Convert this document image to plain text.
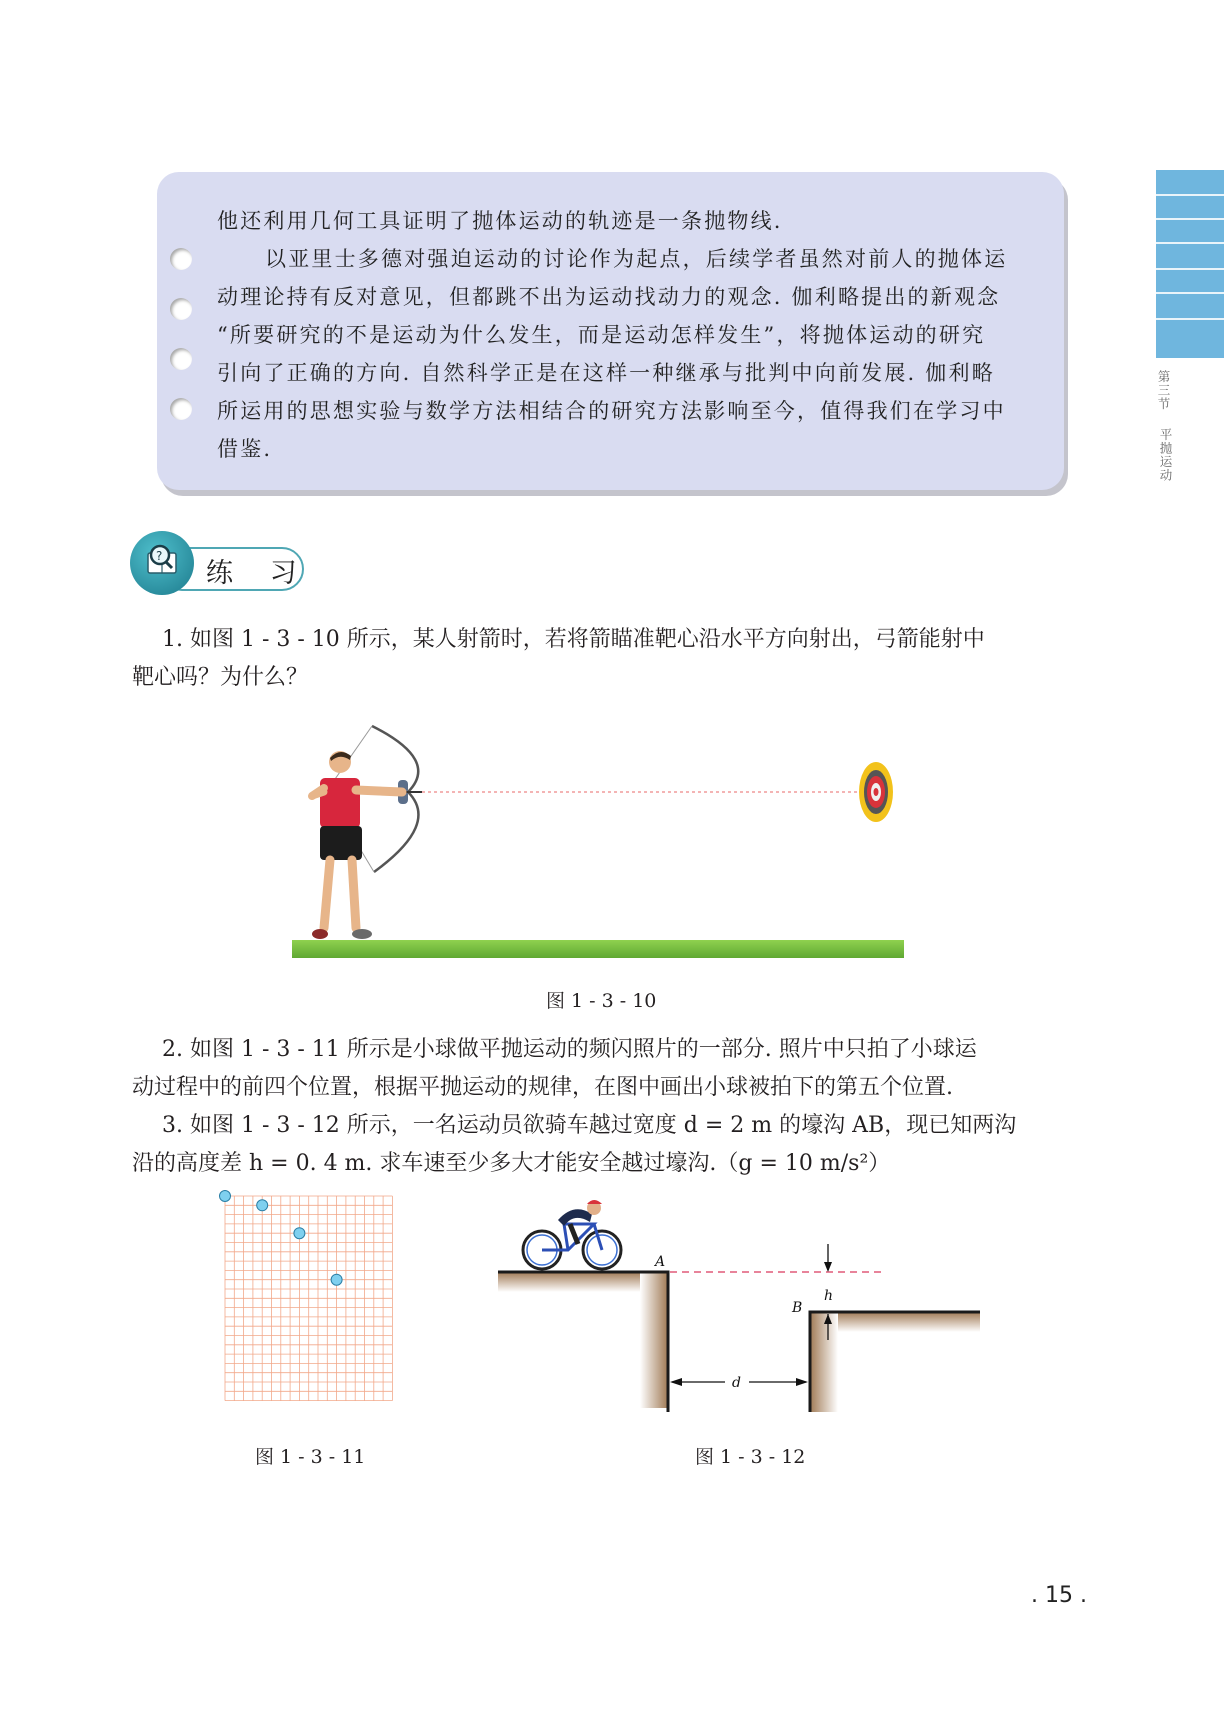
第三节
平抛运动
他还利用几何工具证明了抛体运动的轨迹是一条抛物线.
以亚里士多德对强迫运动的讨论作为起点，后续学者虽然对前人的抛体运
动理论持有反对意见，但都跳不出为运动找动力的观念. 伽利略提出的新观念
“所要研究的不是运动为什么发生，而是运动怎样发生”，将抛体运动的研究
引向了正确的方向. 自然科学正是在这样一种继承与批判中向前发展. 伽利略
所运用的思想实验与数学方法相结合的研究方法影响至今，值得我们在学习中
借鉴.
?
练 习
1. 如图 1 - 3 - 10 所示，某人射箭时，若将箭瞄准靶心沿水平方向射出，弓箭能射中
靶心吗？为什么？
图 1 - 3 - 10
2. 如图 1 - 3 - 11 所示是小球做平抛运动的频闪照片的一部分. 照片中只拍了小球运
动过程中的前四个位置，根据平抛运动的规律，在图中画出小球被拍下的第五个位置.
3. 如图 1 - 3 - 12 所示，一名运动员欲骑车越过宽度 d = 2 m 的壕沟 AB，现已知两沟
沿的高度差 h = 0. 4 m. 求车速至少多大才能安全越过壕沟.（g = 10 m/s²）
图 1 - 3 - 11
A
B
h
d
图 1 - 3 - 12
. 15 .
